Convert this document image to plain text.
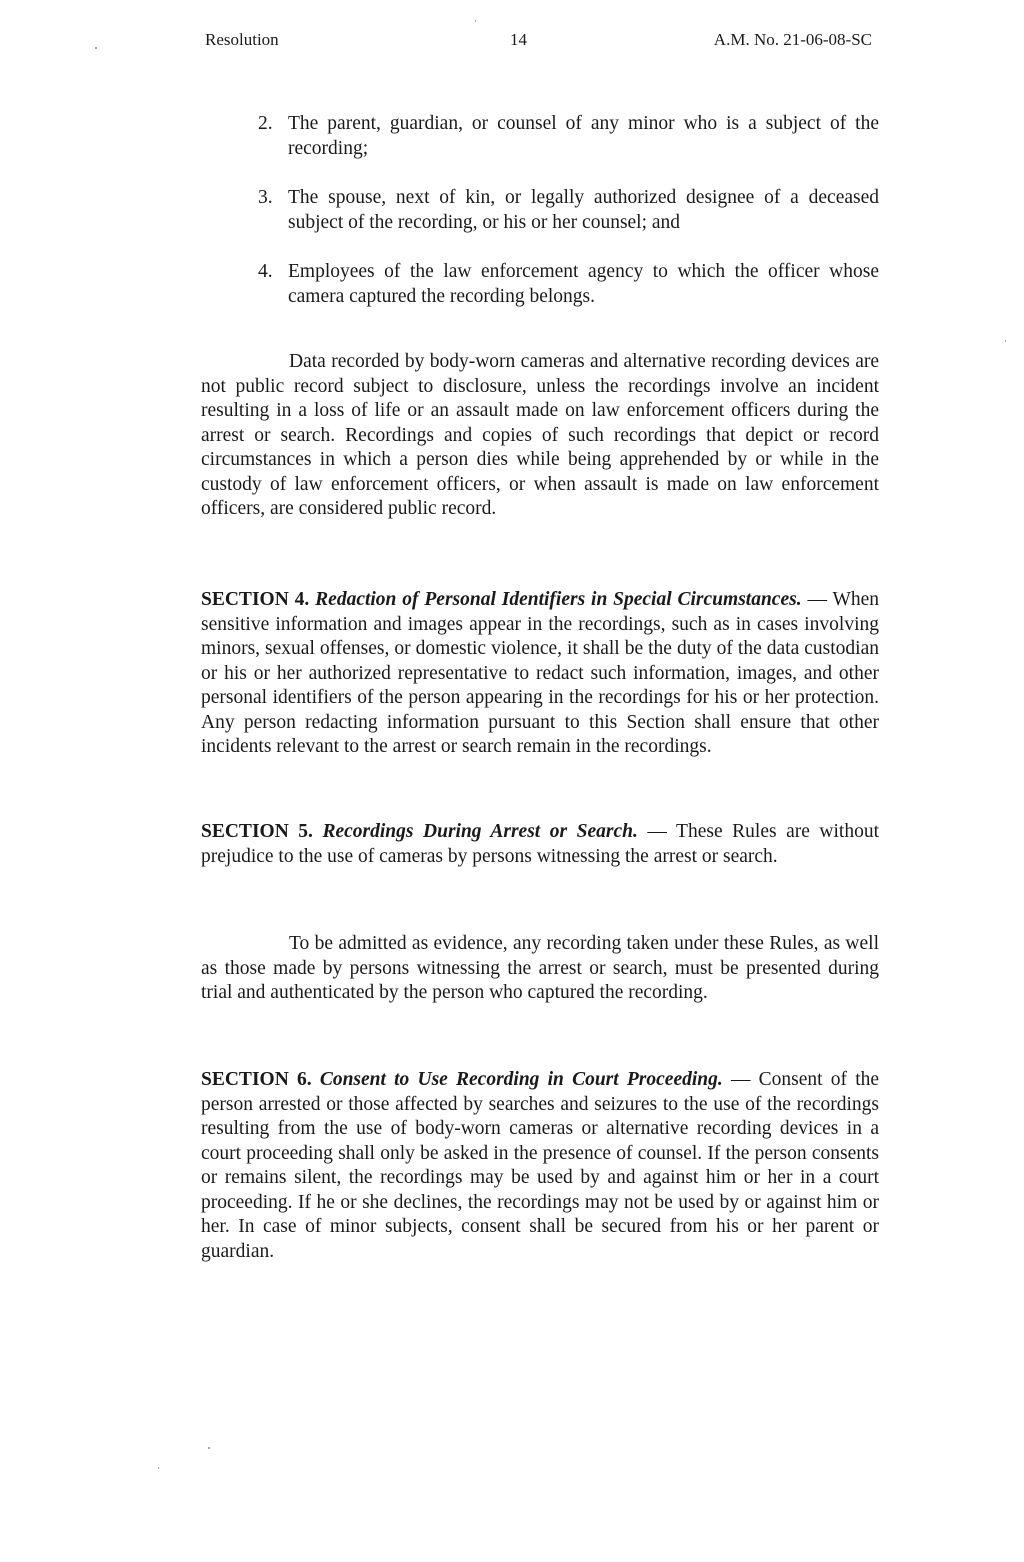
Resolution	14	A.M. No. 21-06-08-SC
2. The parent, guardian, or counsel of any minor who is a subject of the recording;
3. The spouse, next of kin, or legally authorized designee of a deceased subject of the recording, or his or her counsel; and
4. Employees of the law enforcement agency to which the officer whose camera captured the recording belongs.

Data recorded by body-worn cameras and alternative recording devices are not public record subject to disclosure, unless the recordings involve an incident resulting in a loss of life or an assault made on law enforcement officers during the arrest or search. Recordings and copies of such recordings that depict or record circumstances in which a person dies while being apprehended by or while in the custody of law enforcement officers, or when assault is made on law enforcement officers, are considered public record.

SECTION 4. Redaction of Personal Identifiers in Special Circumstances. — When sensitive information and images appear in the recordings, such as in cases involving minors, sexual offenses, or domestic violence, it shall be the duty of the data custodian or his or her authorized representative to redact such information, images, and other personal identifiers of the person appearing in the recordings for his or her protection. Any person redacting information pursuant to this Section shall ensure that other incidents relevant to the arrest or search remain in the recordings.

SECTION 5. Recordings During Arrest or Search. — These Rules are without prejudice to the use of cameras by persons witnessing the arrest or search.

To be admitted as evidence, any recording taken under these Rules, as well as those made by persons witnessing the arrest or search, must be presented during trial and authenticated by the person who captured the recording.

SECTION 6. Consent to Use Recording in Court Proceeding. — Consent of the person arrested or those affected by searches and seizures to the use of the recordings resulting from the use of body-worn cameras or alternative recording devices in a court proceeding shall only be asked in the presence of counsel. If the person consents or remains silent, the recordings may be used by and against him or her in a court proceeding. If he or she declines, the recordings may not be used by or against him or her. In case of minor subjects, consent shall be secured from his or her parent or guardian.
